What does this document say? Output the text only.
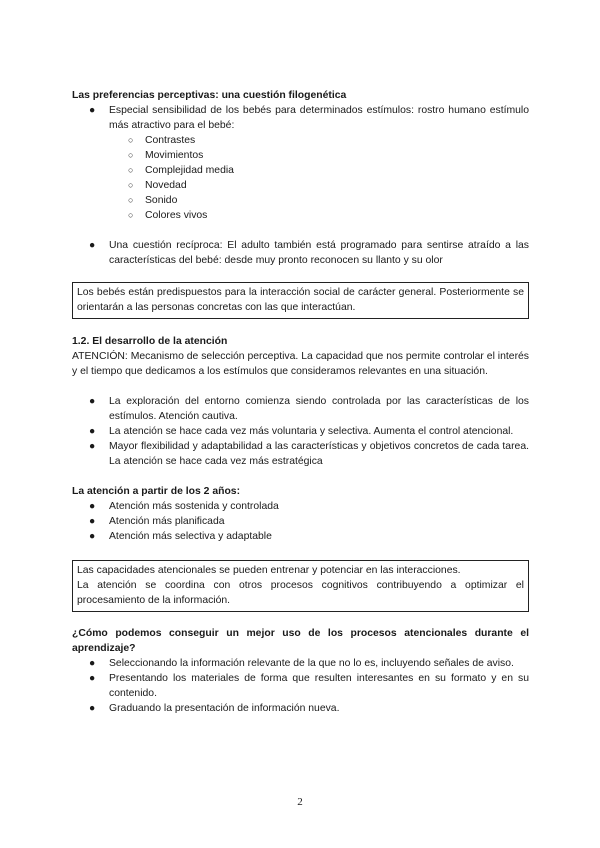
Las preferencias perceptivas: una cuestión filogenética

● Especial sensibilidad de los bebés para determinados estímulos: rostro humano estímulo más atractivo para el bebé:
○ Contrastes
○ Movimientos
○ Complejidad media
○ Novedad
○ Sonido
○ Colores vivos
● Una cuestión recíproca: El adulto también está programado para sentirse atraído a las características del bebé: desde muy pronto reconocen su llanto y su olor

Los bebés están predispuestos para la interacción social de carácter general. Posteriormente se orientarán a las personas concretas con las que interactúan.

1.2. El desarrollo de la atención

ATENCIÓN: Mecanismo de selección perceptiva. La capacidad que nos permite controlar el interés y el tiempo que dedicamos a los estímulos que consideramos relevantes en una situación.

● La exploración del entorno comienza siendo controlada por las características de los estímulos. Atención cautiva.
● La atención se hace cada vez más voluntaria y selectiva. Aumenta el control atencional.
● Mayor flexibilidad y adaptabilidad a las características y objetivos concretos de cada tarea. La atención se hace cada vez más estratégica

La atención a partir de los 2 años:

● Atención más sostenida y controlada
● Atención más planificada
● Atención más selectiva y adaptable

Las capacidades atencionales se pueden entrenar y potenciar en las interacciones.

La atención se coordina con otros procesos cognitivos contribuyendo a optimizar el procesamiento de la información.

¿Cómo podemos conseguir un mejor uso de los procesos atencionales durante el aprendizaje?

● Seleccionando la información relevante de la que no lo es, incluyendo señales de aviso.
● Presentando los materiales de forma que resulten interesantes en su formato y en su contenido.
● Graduando la presentación de información nueva.
2
